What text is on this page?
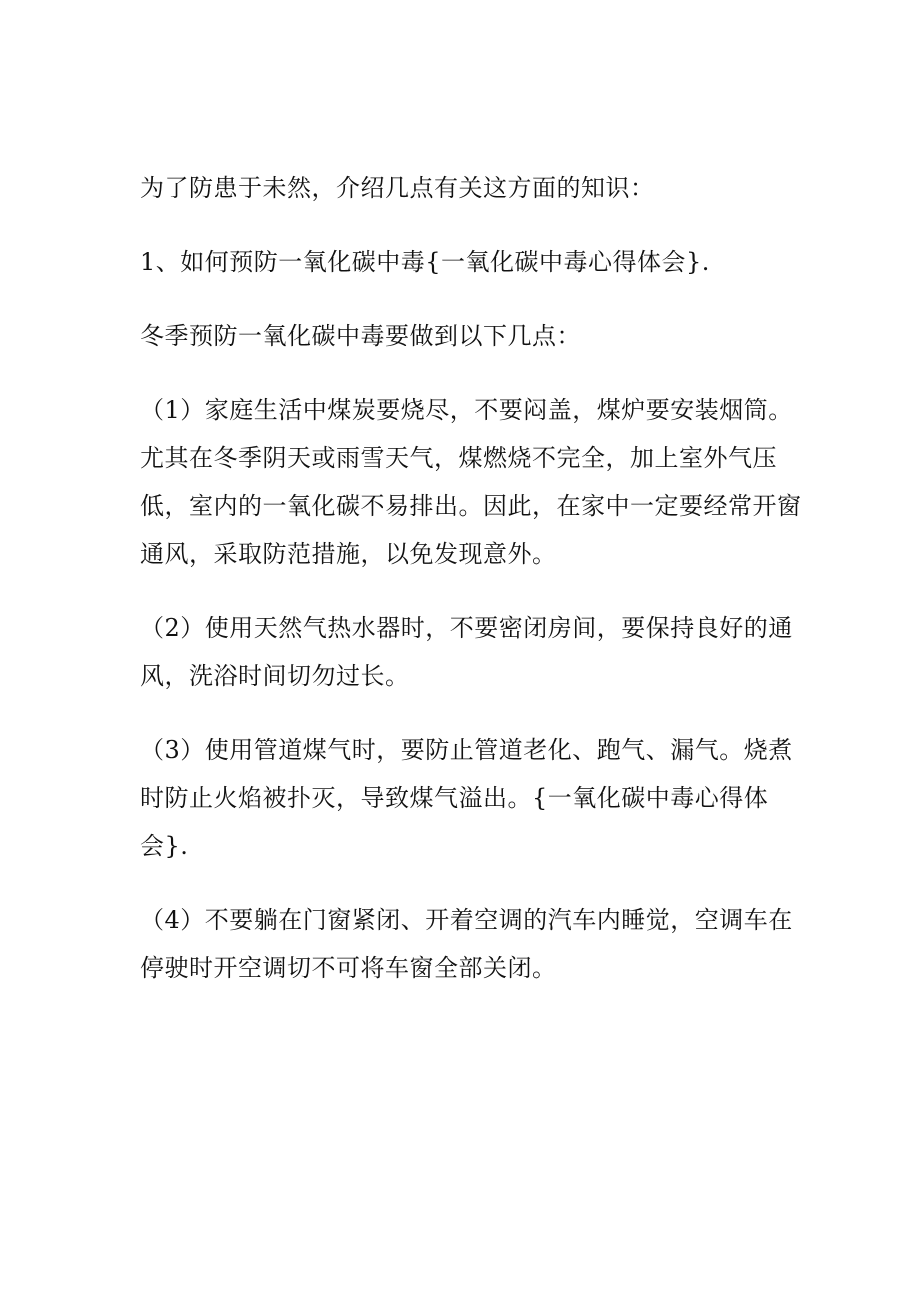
为了防患于未然，介绍几点有关这方面的知识：

1、如何预防一氧化碳中毒{一氧化碳中毒心得体会}.

冬季预防一氧化碳中毒要做到以下几点：

（1）家庭生活中煤炭要烧尽，不要闷盖，煤炉要安装烟筒。尤其在冬季阴天或雨雪天气，煤燃烧不完全，加上室外气压低，室内的一氧化碳不易排出。因此，在家中一定要经常开窗通风，采取防范措施，以免发现意外。

（2）使用天然气热水器时，不要密闭房间，要保持良好的通风，洗浴时间切勿过长。

（3）使用管道煤气时，要防止管道老化、跑气、漏气。烧煮时防止火焰被扑灭，导致煤气溢出。{一氧化碳中毒心得体会}.

（4）不要躺在门窗紧闭、开着空调的汽车内睡觉，空调车在停驶时开空调切不可将车窗全部关闭。
